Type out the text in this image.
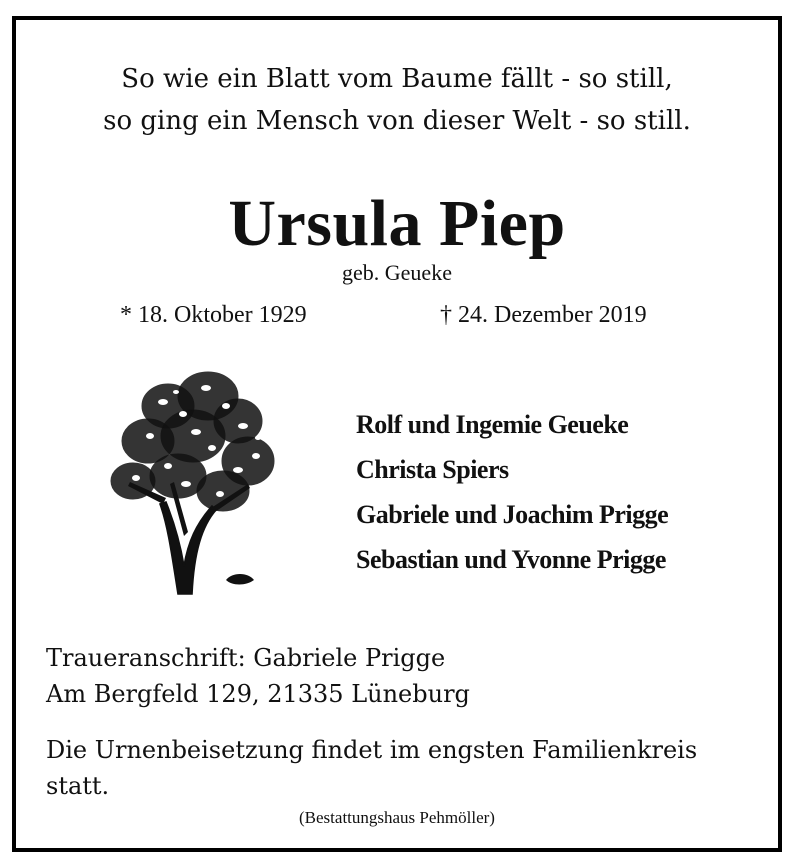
So wie ein Blatt vom Baume fällt - so still,
so ging ein Mensch von dieser Welt - so still.
Ursula Piep
geb. Geueke
* 18. Oktober 1929	† 24. Dezember 2019
Rolf und Ingemie Geueke
Christa Spiers
Gabriele und Joachim Prigge
Sebastian und Yvonne Prigge
Traueranschrift: Gabriele Prigge
Am Bergfeld 129, 21335 Lüneburg
Die Urnenbeisetzung findet im engsten Familienkreis
statt.
(Bestattungshaus Pehmöller)
